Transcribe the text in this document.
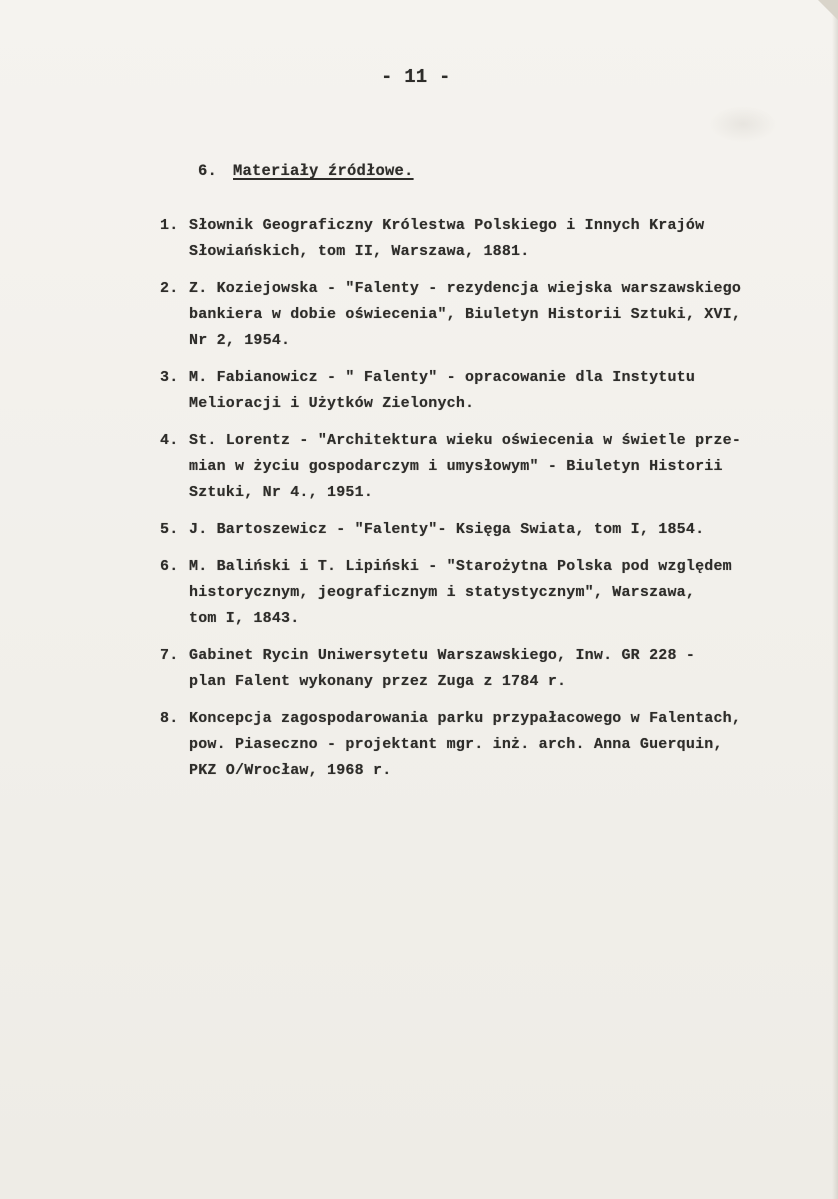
- 11 -

6. Materiały źródłowe.

1. Słownik Geograficzny Królestwa Polskiego i Innych Krajów
Słowiańskich, tom II, Warszawa, 1881.
2. Z. Koziejowska - "Falenty - rezydencja wiejska warszawskiego
bankiera w dobie oświecenia", Biuletyn Historii Sztuki, XVI,
Nr 2, 1954.
3. M. Fabianowicz - " Falenty" - opracowanie dla Instytutu
Melioracji i Użytków Zielonych.
4. St. Lorentz - "Architektura wieku oświecenia w świetle prze-
mian w życiu gospodarczym i umysłowym" - Biuletyn Historii
Sztuki, Nr 4., 1951.
5. J. Bartoszewicz - "Falenty"- Księga Swiata, tom I, 1854.
6. M. Baliński i T. Lipiński - "Starożytna Polska pod względem
historycznym, jeograficznym i statystycznym", Warszawa,
tom I, 1843.
7. Gabinet Rycin Uniwersytetu Warszawskiego, Inw. GR 228 -
plan Falent wykonany przez Zuga z 1784 r.
8. Koncepcja zagospodarowania parku przypałacowego w Falentach,
pow. Piaseczno - projektant mgr. inż. arch. Anna Guerquin,
PKZ O/Wrocław, 1968 r.
